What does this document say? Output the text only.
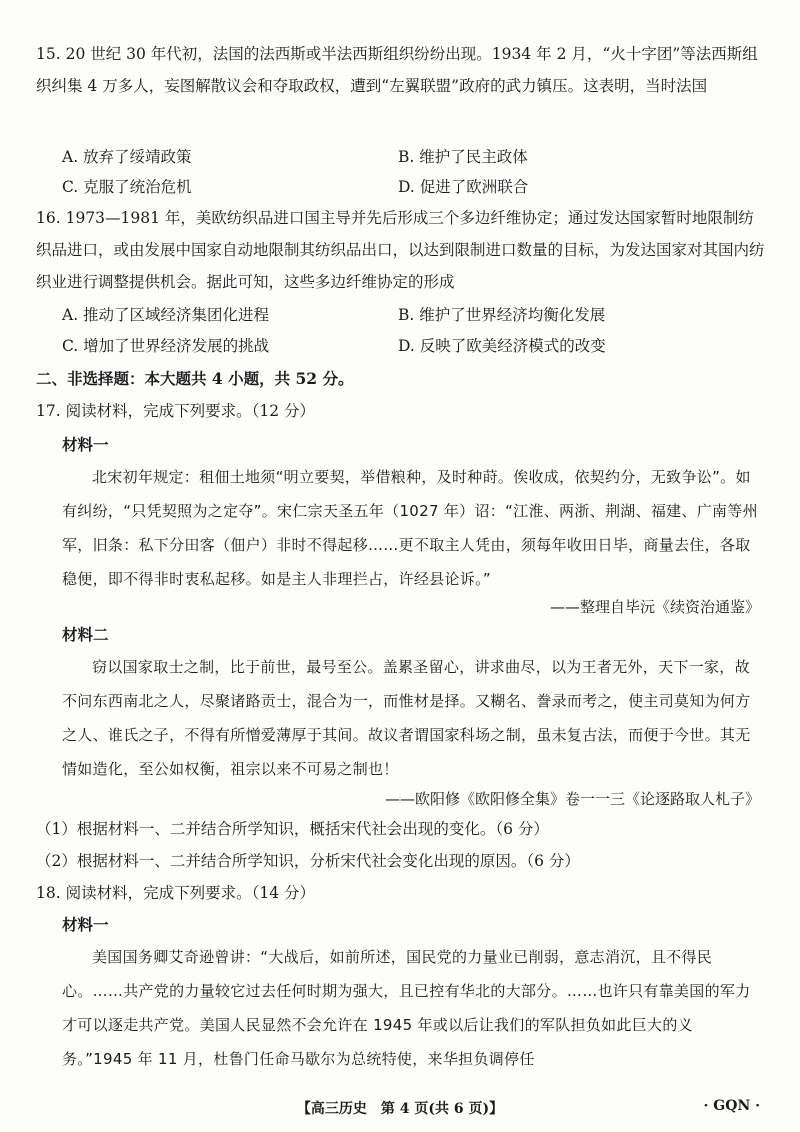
15. 20 世纪 30 年代初，法国的法西斯或半法西斯组织纷纷出现。1934 年 2 月，“火十字团”等法西斯组织纠集 4 万多人，妄图解散议会和夺取政权，遭到“左翼联盟”政府的武力镇压。这表明，当时法国

A. 放弃了绥靖政策	B. 维护了民主政体
C. 克服了统治危机	D. 促进了欧洲联合

16. 1973—1981 年，美欧纺织品进口国主导并先后形成三个多边纤维协定；通过发达国家暂时地限制纺织品进口，或由发展中国家自动地限制其纺织品出口，以达到限制进口数量的目标，为发达国家对其国内纺织业进行调整提供机会。据此可知，这些多边纤维协定的形成

A. 推动了区域经济集团化进程	B. 维护了世界经济均衡化发展
C. 增加了世界经济发展的挑战	D. 反映了欧美经济模式的改变
二、非选择题：本大题共 4 小题，共 52 分。
17. 阅读材料，完成下列要求。（12 分）
材料一

北宋初年规定：租佃土地须“明立要契，举借粮种，及时种莳。俟收成，依契约分，无致争讼”。如有纠纷，“只凭契照为之定夺”。宋仁宗天圣五年（1027 年）诏：“江淮、两浙、荆湖、福建、广南等州军，旧条：私下分田客（佃户）非时不得起移……更不取主人凭由，须每年收田日毕，商量去住，各取稳便，即不得非时衷私起移。如是主人非理拦占，许经县论诉。”

——整理自毕沅《续资治通鉴》
材料二

窃以国家取士之制，比于前世，最号至公。盖累圣留心，讲求曲尽，以为王者无外，天下一家，故不问东西南北之人，尽聚诸路贡士，混合为一，而惟材是择。又糊名、誊录而考之，使主司莫知为何方之人、谁氏之子，不得有所憎爱薄厚于其间。故议者谓国家科场之制，虽未复古法，而便于今世。其无情如造化，至公如权衡，祖宗以来不可易之制也！

——欧阳修《欧阳修全集》卷一一三《论逐路取人札子》
（1）根据材料一、二并结合所学知识，概括宋代社会出现的变化。（6 分）
（2）根据材料一、二并结合所学知识，分析宋代社会变化出现的原因。（6 分）
18. 阅读材料，完成下列要求。（14 分）
材料一

美国国务卿艾奇逊曾讲：“大战后，如前所述，国民党的力量业已削弱，意志消沉，且不得民心。……共产党的力量较它过去任何时期为强大，且已控有华北的大部分。……也许只有靠美国的军力才可以逐走共产党。美国人民显然不会允许在 1945 年或以后让我们的军队担负如此巨大的义务。”1945 年 11 月，杜鲁门任命马歇尔为总统特使，来华担负调停任

【高三历史　第 4 页(共 6 页)】	· GQN ·
